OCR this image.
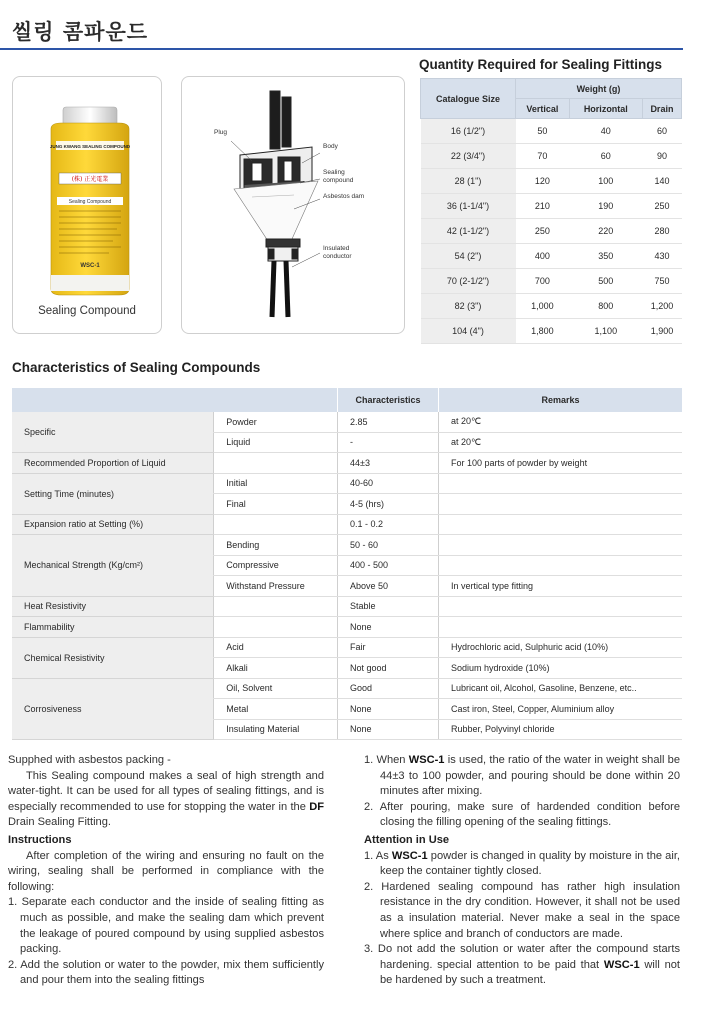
씰링 콤파운드
JUNG KWANG SEALING COMPOUND
(株) 正光電業
Sealing Compound
WSC-1
Sealing Compound
Plug
Body
Sealing compound
Asbestos dam
Insulated conductor
Quantity Required for Sealing Fittings
Catalogue Size	Weight (g)		
	Vertical	Horizontal	Drain
16 (1/2")	50	40	60
22 (3/4")	70	60	90
28 (1")	120	100	140
36 (1-1/4")	210	190	250
42 (1-1/2")	250	220	280
54 (2")	400	350	430
70 (2-1/2")	700	500	750
82 (3")	1,000	800	1,200
104 (4")	1,800	1,100	1,900
Characteristics of Sealing Compounds
		Characteristics	Remarks
Specific	Powder	2.85	at 20℃
	Liquid	-	at 20℃
Recommended Proportion of Liquid		44±3	For 100 parts of powder by weight
Setting Time (minutes)	Initial	40-60	
	Final	4-5 (hrs)	
Expansion ratio at Setting (%)		0.1 - 0.2	
Mechanical Strength (Kg/cm²)	Bending	50 - 60	
	Compressive	400 - 500	
	Withstand Pressure	Above 50	In vertical type fitting
Heat Resistivity		Stable	
Flammability		None	
Chemical Resistivity	Acid	Fair	Hydrochloric acid, Sulphuric acid (10%)
	Alkali	Not good	Sodium hydroxide (10%)
Corrosiveness	Oil, Solvent	Good	Lubricant oil, Alcohol, Gasoline, Benzene, etc..
	Metal	None	Cast iron, Steel, Copper, Aluminium alloy
	Insulating Material	None	Rubber, Polyvinyl chloride

Supphed with asbestos packing -

This Sealing compound makes a seal of high strength and water-tight. It can be used for all types of sealing fittings, and is especially recommended to use for stopping the water in the DF Drain Sealing Fitting.

Instructions

After completion of the wiring and ensuring no fault on the wiring, sealing shall be performed in compliance with the following:

1. Separate each conductor and the inside of sealing fitting as much as possible, and make the sealing dam which prevent the leakage of poured compound by using supplied asbestos packing.

2. Add the solution or water to the powder, mix them sufficiently and pour them into the sealing fittings

1. When WSC-1 is used, the ratio of the water in weight shall be 44±3 to 100 powder, and pouring should be done within 20 minutes after mixing.

2. After pouring, make sure of hardended condition before closing the filling opening of the sealing fittings.

Attention in Use

1. As WSC-1 powder is changed in quality by moisture in the air, keep the container tightly closed.

2. Hardened sealing compound has rather high insulation resistance in the dry condition. However, it shall not be used as a insulation material. Never make a seal in the space where splice and branch of conductors are made.

3. Do not add the solution or water after the compound starts hardening. special attention to be paid that WSC-1 will not be hardened by such a treatment.
